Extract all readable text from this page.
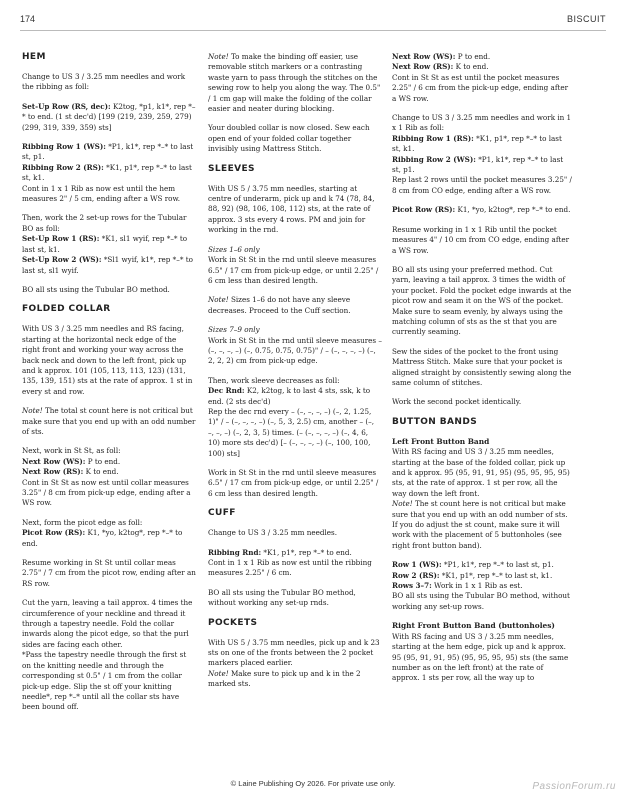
174	BISCUIT
HEM

Change to US 3 / 3.25 mm needles and work the ribbing as foll:

Set-Up Row (RS, dec): K2tog, *p1, k1*, rep *–* to end. (1 st dec'd) [199 (219, 239, 259, 279) (299, 319, 339, 359) sts]

Ribbing Row 1 (WS): *P1, k1*, rep *–* to last st, p1.
Ribbing Row 2 (RS): *K1, p1*, rep *–* to last st, k1.
Cont in 1 x 1 Rib as now est until the hem measures 2" / 5 cm, ending after a WS row.

Then, work the 2 set-up rows for the Tubular BO as foll:
Set-Up Row 1 (RS): *K1, sl1 wyif, rep *–* to last st, k1.
Set-Up Row 2 (WS): *Sl1 wyif, k1*, rep *–* to last st, sl1 wyif.

BO all sts using the Tubular BO method.

FOLDED COLLAR

With US 3 / 3.25 mm needles and RS facing, starting at the horizontal neck edge of the right front and working your way across the back neck and down to the left front, pick up and k approx. 101 (105, 113, 113, 123) (131, 135, 139, 151) sts at the rate of approx. 1 st in every st and row.

Note! The total st count here is not critical but make sure that you end up with an odd number of sts.

Next, work in St St, as foll:
Next Row (WS): P to end.
Next Row (RS): K to end.
Cont in St St as now est until collar measures 3.25" / 8 cm from pick-up edge, ending after a WS row.

Next, form the picot edge as foll:
Picot Row (RS): K1, *yo, k2tog*, rep *–* to end.

Resume working in St St until collar meas 2.75" / 7 cm from the picot row, ending after an RS row.

Cut the yarn, leaving a tail approx. 4 times the circumference of your neckline and thread it through a tapestry needle. Fold the collar inwards along the picot edge, so that the purl sides are facing each other.
*Pass the tapestry needle through the first st on the knitting needle and through the corresponding st 0.5" / 1 cm from the collar pick-up edge. Slip the st off your knitting needle*, rep *–* until all the collar sts have been bound off.

Note! To make the binding off easier, use removable stitch markers or a contrasting waste yarn to pass through the stitches on the sewing row to help you along the way. The 0.5" / 1 cm gap will make the folding of the collar easier and neater during blocking.

Your doubled collar is now closed. Sew each open end of your folded collar together invisibly using Mattress Stitch.

SLEEVES

With US 5 / 3.75 mm needles, starting at centre of underarm, pick up and k 74 (78, 84, 88, 92) (98, 106, 108, 112) sts, at the rate of approx. 3 sts every 4 rows. PM and join for working in the rnd.

Sizes 1–6 only
Work in St St in the rnd until sleeve measures 6.5" / 17 cm from pick-up edge, or until 2.25" / 6 cm less than desired length.

Note! Sizes 1–6 do not have any sleeve decreases. Proceed to the Cuff section.

Sizes 7–9 only
Work in St St in the rnd until sleeve measures – (–, –, –, –) (–, 0.75, 0.75, 0.75)" / – (–, –, –, –) (–, 2, 2, 2) cm from pick-up edge.

Then, work sleeve decreases as foll:
Dec Rnd: K2, k2tog, k to last 4 sts, ssk, k to end. (2 sts dec'd)
Rep the dec rnd every – (–, –, –, –) (–, 2, 1.25, 1)" / – (–, –, –, –) (–, 5, 3, 2.5) cm, another – (–, –, –, –) (–, 2, 3, 5) times. (– (–, –, –, –) (–, 4, 6, 10) more sts dec'd) [– (–, –, –, –) (–, 100, 100, 100) sts]

Work in St St in the rnd until sleeve measures 6.5" / 17 cm from pick-up edge, or until 2.25" / 6 cm less than desired length.

CUFF

Change to US 3 / 3.25 mm needles.

Ribbing Rnd: *K1, p1*, rep *–* to end.
Cont in 1 x 1 Rib as now est until the ribbing measures 2.25" / 6 cm.

BO all sts using the Tubular BO method, without working any set-up rnds.

POCKETS

With US 5 / 3.75 mm needles, pick up and k 23 sts on one of the fronts between the 2 pocket markers placed earlier.
Note! Make sure to pick up and k in the 2 marked sts.

Next Row (WS): P to end.
Next Row (RS): K to end.
Cont in St St as est until the pocket measures 2.25" / 6 cm from the pick-up edge, ending after a WS row.

Change to US 3 / 3.25 mm needles and work in 1 x 1 Rib as foll:
Ribbing Row 1 (RS): *K1, p1*, rep *–* to last st, k1.
Ribbing Row 2 (WS): *P1, k1*, rep *–* to last st, p1.
Rep last 2 rows until the pocket measures 3.25" / 8 cm from CO edge, ending after a WS row.

Picot Row (RS): K1, *yo, k2tog*, rep *–* to end.

Resume working in 1 x 1 Rib until the pocket measures 4" / 10 cm from CO edge, ending after a WS row.

BO all sts using your preferred method. Cut yarn, leaving a tail approx. 3 times the width of your pocket. Fold the pocket edge inwards at the picot row and seam it on the WS of the pocket. Make sure to seam evenly, by always using the matching column of sts as the st that you are currently seaming.

Sew the sides of the pocket to the front using Mattress Stitch. Make sure that your pocket is aligned straight by consistently sewing along the same column of stitches.

Work the second pocket identically.

BUTTON BANDS
Left Front Button Band

With RS facing and US 3 / 3.25 mm needles, starting at the base of the folded collar, pick up and k approx. 95 (95, 91, 91, 95) (95, 95, 95, 95) sts, at the rate of approx. 1 st per row, all the way down the left front.
Note! The st count here is not critical but make sure that you end up with an odd number of sts. If you do adjust the st count, make sure it will work with the placement of 5 buttonholes (see right front button band).

Row 1 (WS): *P1, k1*, rep *–* to last st, p1.
Row 2 (RS): *K1, p1*, rep *–* to last st, k1.
Rows 3–7: Work in 1 x 1 Rib as est.
BO all sts using the Tubular BO method, without working any set-up rows.

Right Front Button Band (buttonholes)

With RS facing and US 3 / 3.25 mm needles, starting at the hem edge, pick up and k approx. 95 (95, 91, 91, 95) (95, 95, 95, 95) sts (the same number as on the left front) at the rate of approx. 1 sts per row, all the way up to

© Laine Publishing Oy 2026. For private use only.	PassionForum.ru
